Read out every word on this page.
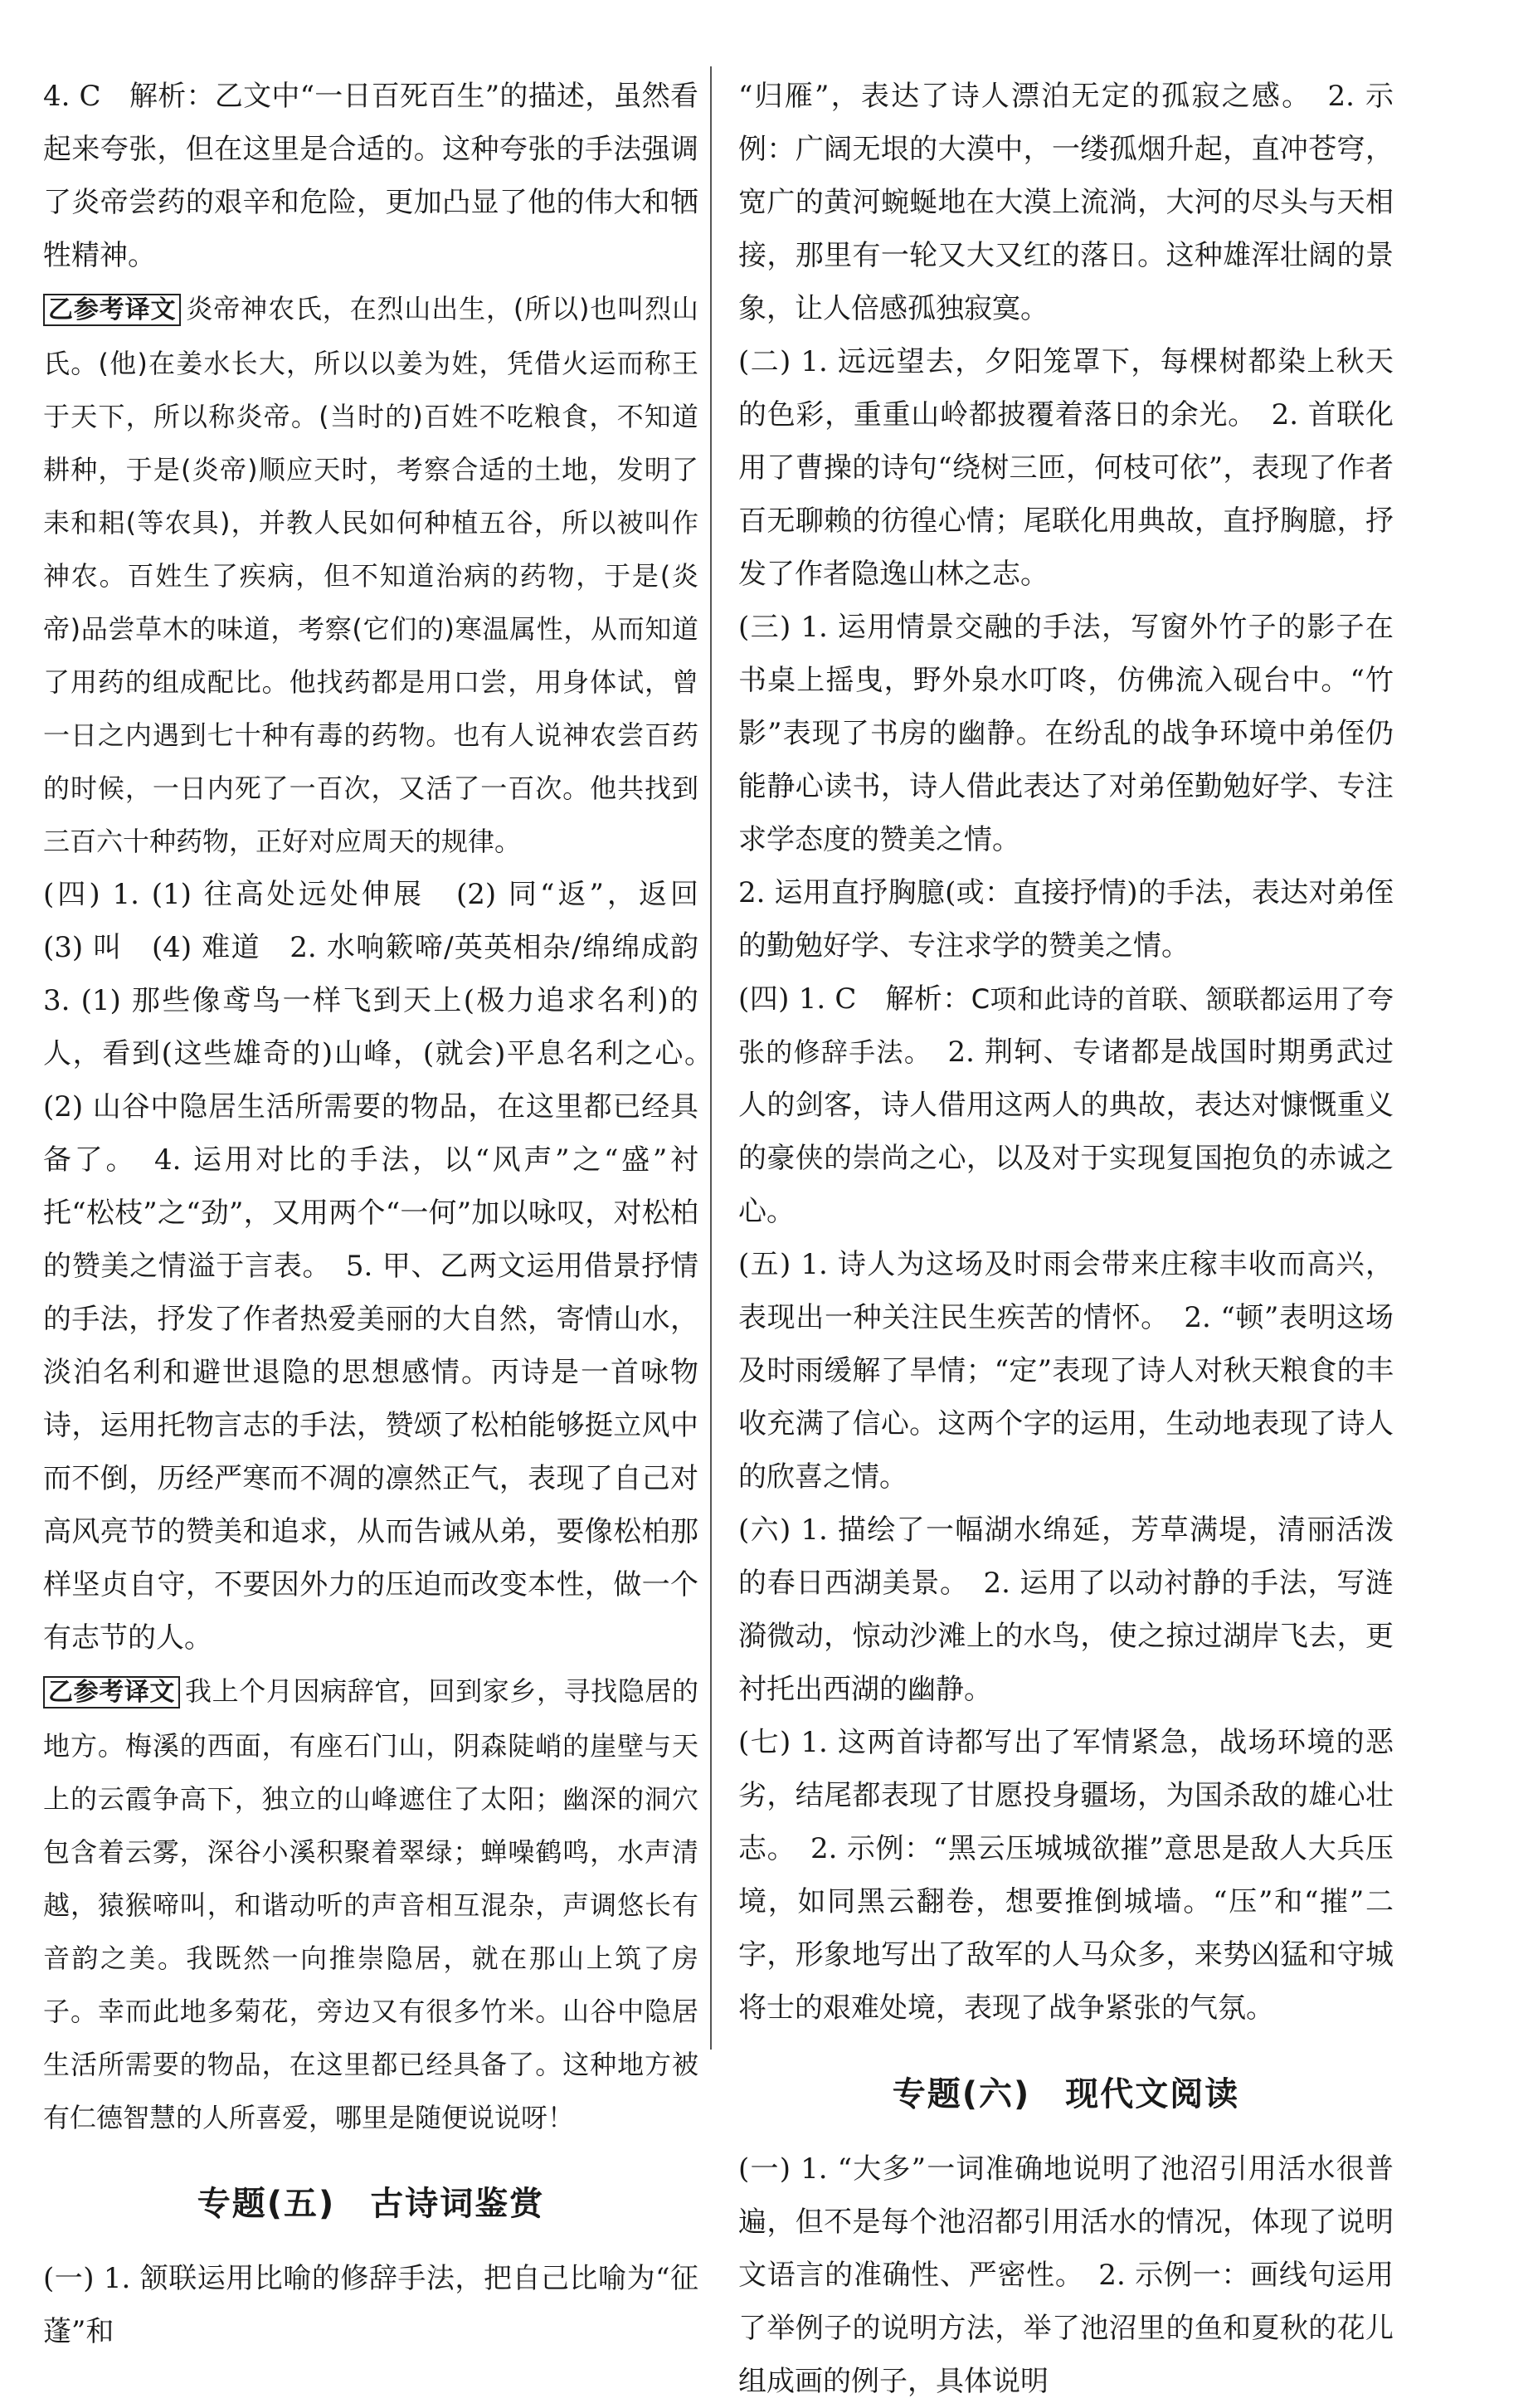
4. C　解析：乙文中“一日百死百生”的描述，虽然看起来夸张，但在这里是合适的。这种夸张的手法强调了炎帝尝药的艰辛和危险，更加凸显了他的伟大和牺牲精神。

乙参考译文 炎帝神农氏，在烈山出生，(所以)也叫烈山氏。(他)在姜水长大，所以以姜为姓，凭借火运而称王于天下，所以称炎帝。(当时的)百姓不吃粮食，不知道耕种，于是(炎帝)顺应天时，考察合适的土地，发明了耒和耜(等农具)，并教人民如何种植五谷，所以被叫作神农。百姓生了疾病，但不知道治病的药物，于是(炎帝)品尝草木的味道，考察(它们的)寒温属性，从而知道了用药的组成配比。他找药都是用口尝，用身体试，曾一日之内遇到七十种有毒的药物。也有人说神农尝百药的时候，一日内死了一百次，又活了一百次。他共找到三百六十种药物，正好对应周天的规律。

(四) 1. (1) 往高处远处伸展　(2) 同“返”，返回　(3) 叫　(4) 难道　2. 水响簌啼/英英相杂/绵绵成韵　3. (1) 那些像鸢鸟一样飞到天上(极力追求名利)的人，看到(这些雄奇的)山峰，(就会)平息名利之心。　(2) 山谷中隐居生活所需要的物品，在这里都已经具备了。　4. 运用对比的手法，以“风声”之“盛”衬托“松枝”之“劲”，又用两个“一何”加以咏叹，对松柏的赞美之情溢于言表。　5. 甲、乙两文运用借景抒情的手法，抒发了作者热爱美丽的大自然，寄情山水，淡泊名利和避世退隐的思想感情。丙诗是一首咏物诗，运用托物言志的手法，赞颂了松柏能够挺立风中而不倒，历经严寒而不凋的凛然正气，表现了自己对高风亮节的赞美和追求，从而告诫从弟，要像松柏那样坚贞自守，不要因外力的压迫而改变本性，做一个有志节的人。

乙参考译文 我上个月因病辞官，回到家乡，寻找隐居的地方。梅溪的西面，有座石门山，阴森陡峭的崖壁与天上的云霞争高下，独立的山峰遮住了太阳；幽深的洞穴包含着云雾，深谷小溪积聚着翠绿；蝉噪鹤鸣，水声清越，猿猴啼叫，和谐动听的声音相互混杂，声调悠长有音韵之美。我既然一向推崇隐居，就在那山上筑了房子。幸而此地多菊花，旁边又有很多竹米。山谷中隐居生活所需要的物品，在这里都已经具备了。这种地方被有仁德智慧的人所喜爱，哪里是随便说说呀！

专题(五)　古诗词鉴赏

(一) 1. 颔联运用比喻的修辞手法，把自己比喻为“征蓬”和

“归雁”，表达了诗人漂泊无定的孤寂之感。　2. 示例：广阔无垠的大漠中，一缕孤烟升起，直冲苍穹，宽广的黄河蜿蜒地在大漠上流淌，大河的尽头与天相接，那里有一轮又大又红的落日。这种雄浑壮阔的景象，让人倍感孤独寂寞。

(二) 1. 远远望去，夕阳笼罩下，每棵树都染上秋天的色彩，重重山岭都披覆着落日的余光。　2. 首联化用了曹操的诗句“绕树三匝，何枝可依”，表现了作者百无聊赖的彷徨心情；尾联化用典故，直抒胸臆，抒发了作者隐逸山林之志。

(三) 1. 运用情景交融的手法，写窗外竹子的影子在书桌上摇曳，野外泉水叮咚，仿佛流入砚台中。“竹影”表现了书房的幽静。在纷乱的战争环境中弟侄仍能静心读书，诗人借此表达了对弟侄勤勉好学、专注求学态度的赞美之情。

2. 运用直抒胸臆(或：直接抒情)的手法，表达对弟侄的勤勉好学、专注求学的赞美之情。

(四) 1. C　解析：C项和此诗的首联、颔联都运用了夸张的修辞手法。　2. 荆轲、专诸都是战国时期勇武过人的剑客，诗人借用这两人的典故，表达对慷慨重义的豪侠的崇尚之心，以及对于实现复国抱负的赤诚之心。

(五) 1. 诗人为这场及时雨会带来庄稼丰收而高兴，表现出一种关注民生疾苦的情怀。　2. “顿”表明这场及时雨缓解了旱情；“定”表现了诗人对秋天粮食的丰收充满了信心。这两个字的运用，生动地表现了诗人的欣喜之情。

(六) 1. 描绘了一幅湖水绵延，芳草满堤，清丽活泼的春日西湖美景。　2. 运用了以动衬静的手法，写涟漪微动，惊动沙滩上的水鸟，使之掠过湖岸飞去，更衬托出西湖的幽静。

(七) 1. 这两首诗都写出了军情紧急，战场环境的恶劣，结尾都表现了甘愿投身疆场，为国杀敌的雄心壮志。　2. 示例：“黑云压城城欲摧”意思是敌人大兵压境，如同黑云翻卷，想要推倒城墙。“压”和“摧”二字，形象地写出了敌军的人马众多，来势凶猛和守城将士的艰难处境，表现了战争紧张的气氛。

专题(六)　现代文阅读

(一) 1. “大多”一词准确地说明了池沼引用活水很普遍，但不是每个池沼都引用活水的情况，体现了说明文语言的准确性、严密性。　2. 示例一：画线句运用了举例子的说明方法，举了池沼里的鱼和夏秋的花儿组成画的例子，具体说明
